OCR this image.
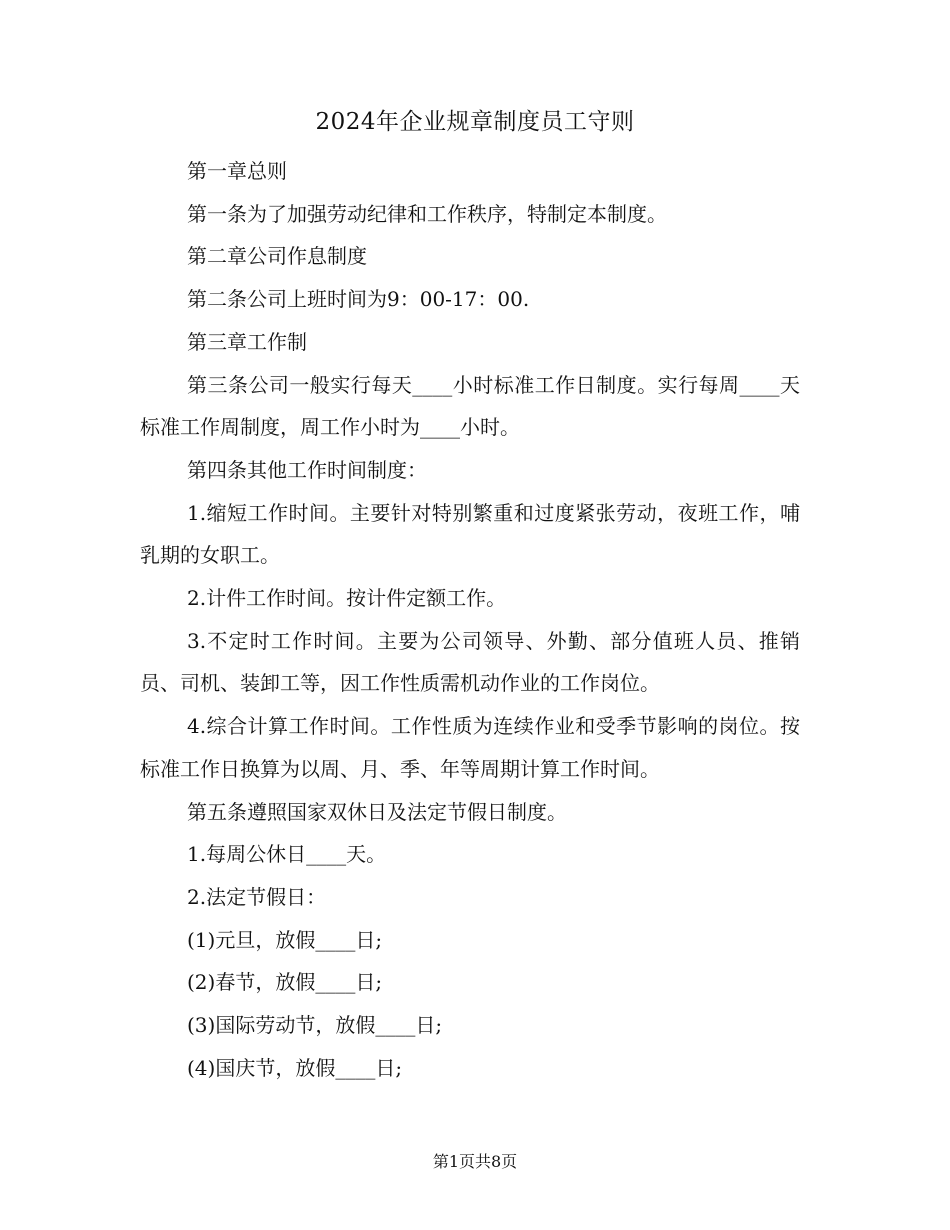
2024年企业规章制度员工守则

第一章总则

第一条为了加强劳动纪律和工作秩序，特制定本制度。

第二章公司作息制度

第二条公司上班时间为9：00-17：00.

第三章工作制

第三条公司一般实行每天____小时标准工作日制度。实行每周____天标准工作周制度，周工作小时为____小时。

第四条其他工作时间制度：

1.缩短工作时间。主要针对特别繁重和过度紧张劳动，夜班工作，哺乳期的女职工。

2.计件工作时间。按计件定额工作。

3.不定时工作时间。主要为公司领导、外勤、部分值班人员、推销员、司机、装卸工等，因工作性质需机动作业的工作岗位。

4.综合计算工作时间。工作性质为连续作业和受季节影响的岗位。按标准工作日换算为以周、月、季、年等周期计算工作时间。

第五条遵照国家双休日及法定节假日制度。

1.每周公休日____天。

2.法定节假日：

(1)元旦，放假____日;

(2)春节，放假____日;

(3)国际劳动节，放假____日;

(4)国庆节，放假____日;

第1页共8页
